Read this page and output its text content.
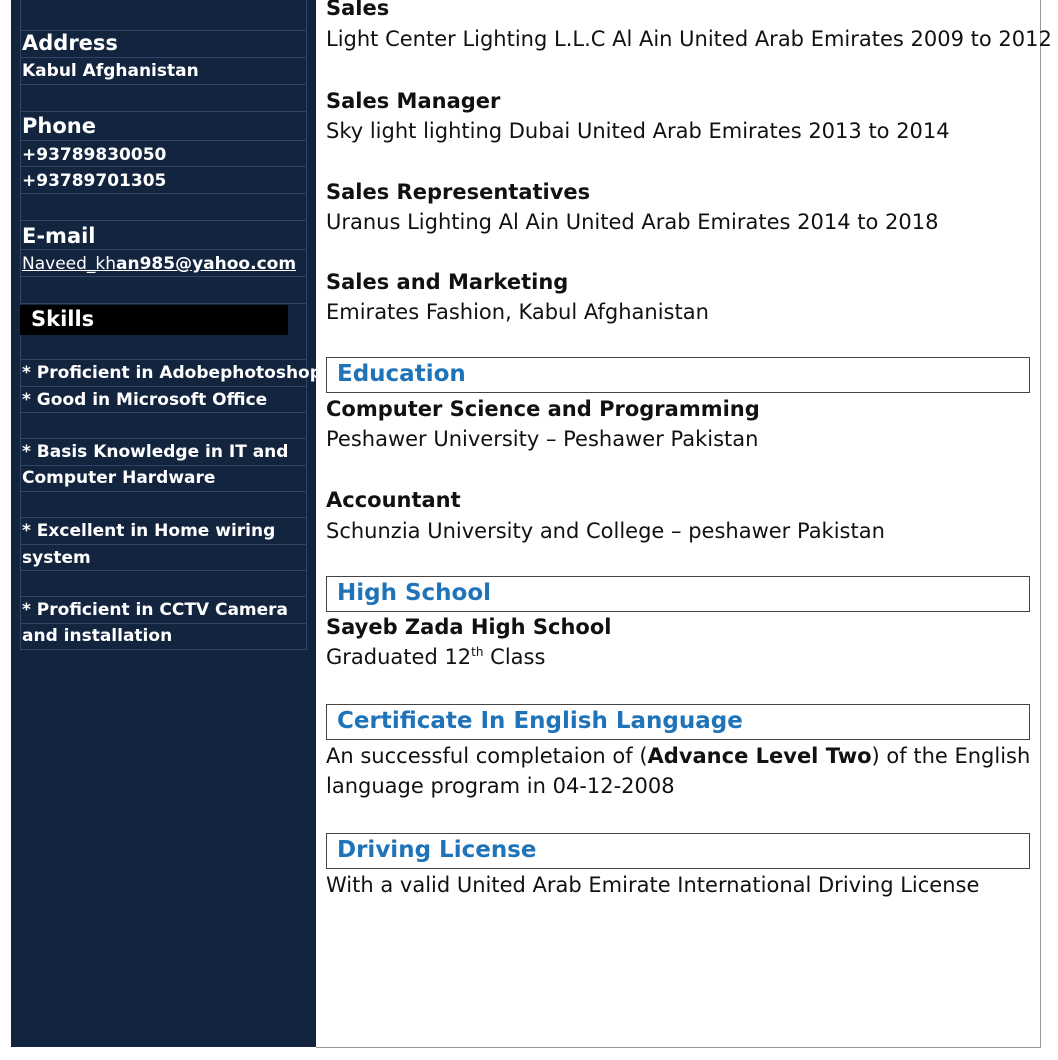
Address
Kabul Afghanistan
Phone
+93789830050
+93789701305
E-mail
Naveed_khan985@yahoo.com
Skills
* Proficient in Adobephotoshop
* Good in Microsoft Office
* Basis Knowledge in IT and
Computer Hardware
* Excellent in Home wiring
system
* Proficient in CCTV Camera
and installation
Sales
Light Center Lighting L.L.C Al Ain United Arab Emirates 2009 to 2012
Sales Manager
Sky light lighting Dubai United Arab Emirates 2013 to 2014
Sales Representatives
Uranus Lighting Al Ain United Arab Emirates 2014 to 2018
Sales and Marketing
Emirates Fashion, Kabul Afghanistan
Education
Computer Science and Programming
Peshawer University – Peshawer Pakistan
Accountant
Schunzia University and College – peshawer Pakistan
High School
Sayeb Zada High School
Graduated 12th Class
Certificate In English Language
An successful completaion of (Advance Level Two) of the English
language program in 04-12-2008
Driving License
With a valid United Arab Emirate International Driving License
